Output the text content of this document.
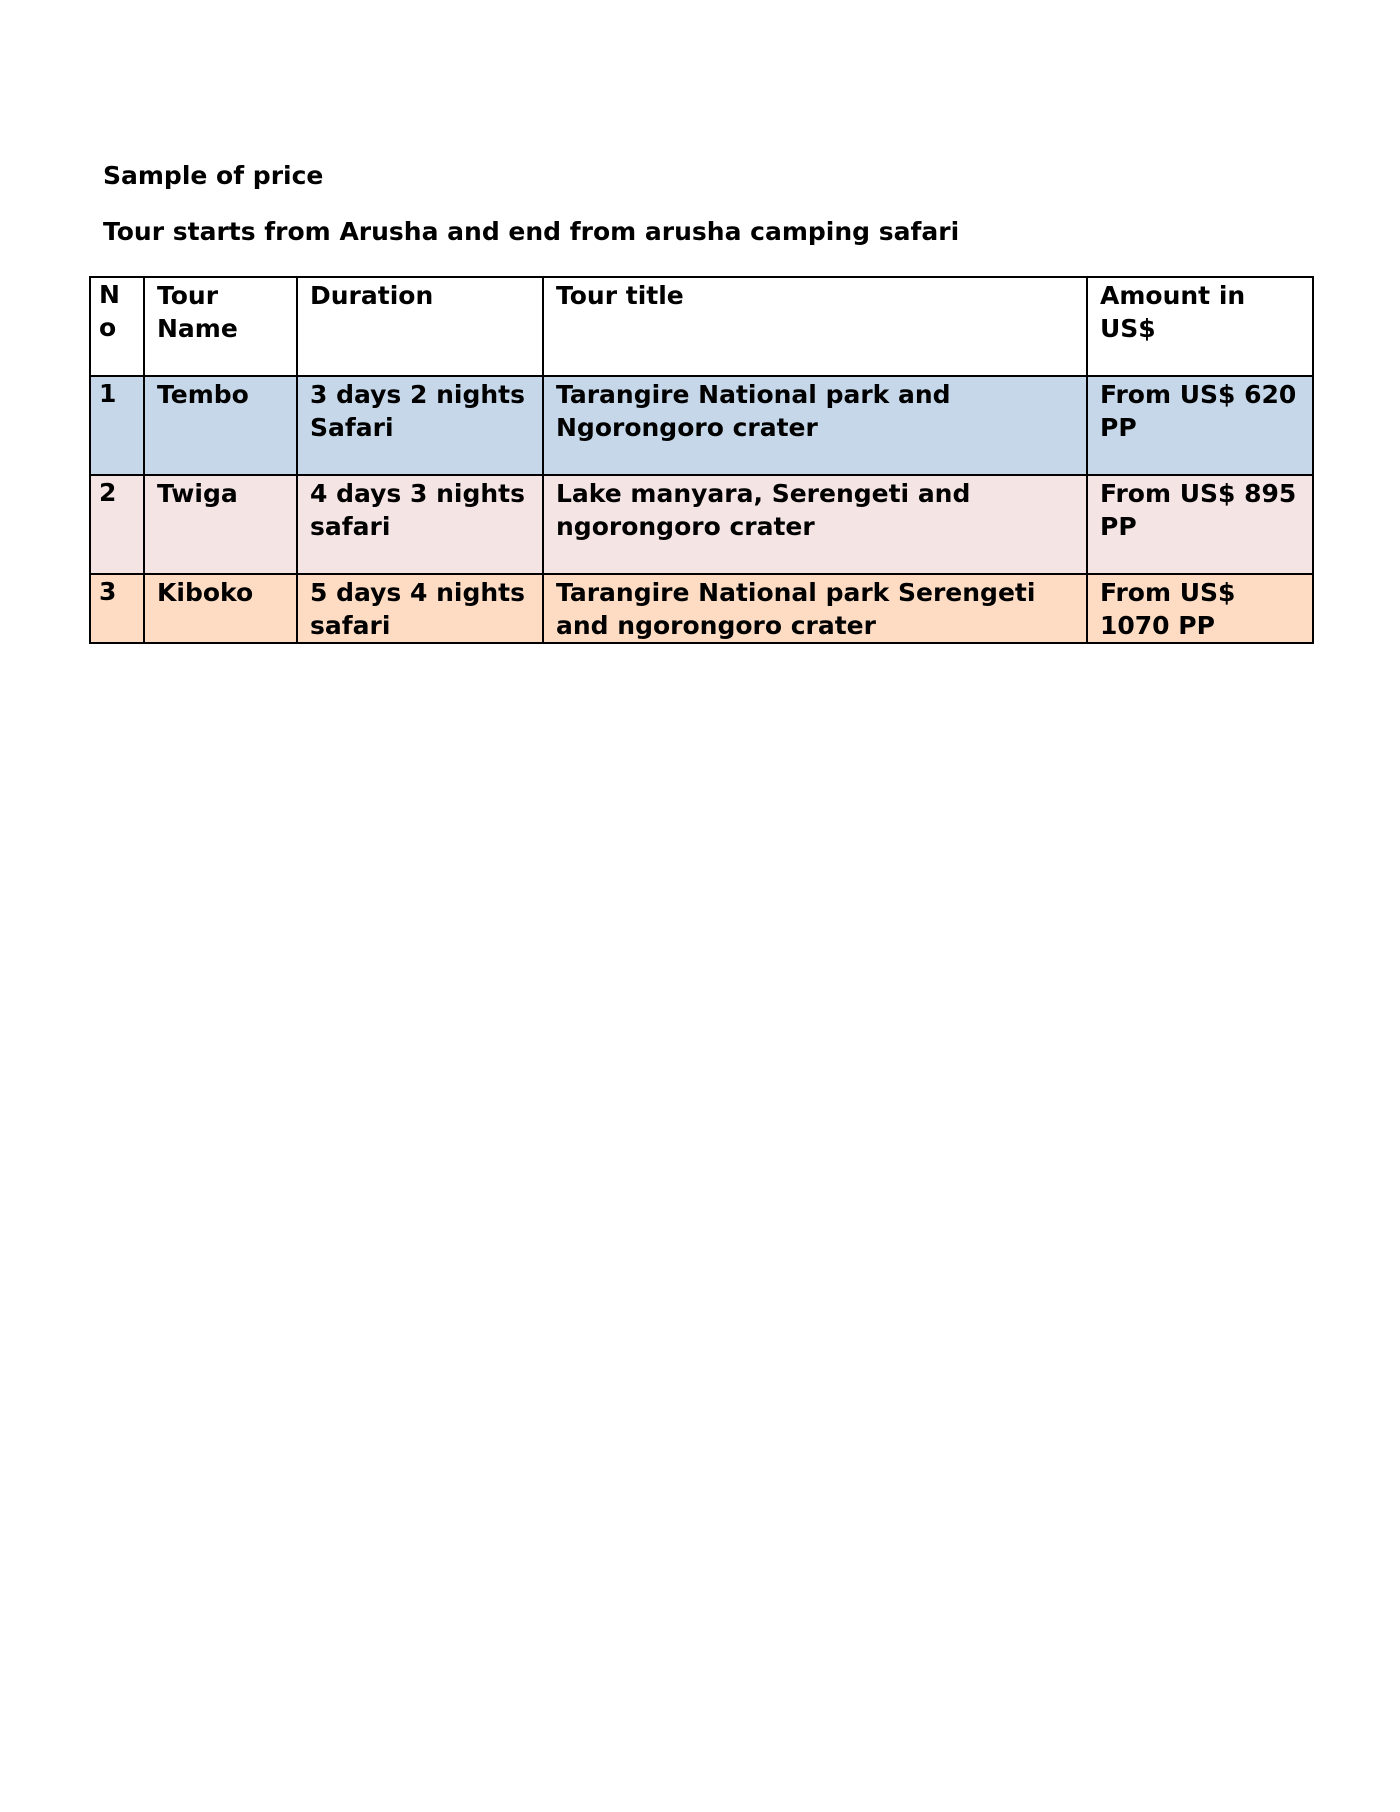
Sample of price

Tour starts from Arusha and end from arusha camping safari

N o	Tour Name	Duration	Tour title	Amount in US$
1	Tembo	3 days 2 nights Safari	Tarangire National park and Ngorongoro crater	From US$ 620 PP
2	Twiga	4 days 3 nights safari	Lake manyara, Serengeti and ngorongoro crater	From US$ 895 PP
3	Kiboko	5 days 4 nights safari	Tarangire National park Serengeti and ngorongoro crater	From US$ 1070 PP
